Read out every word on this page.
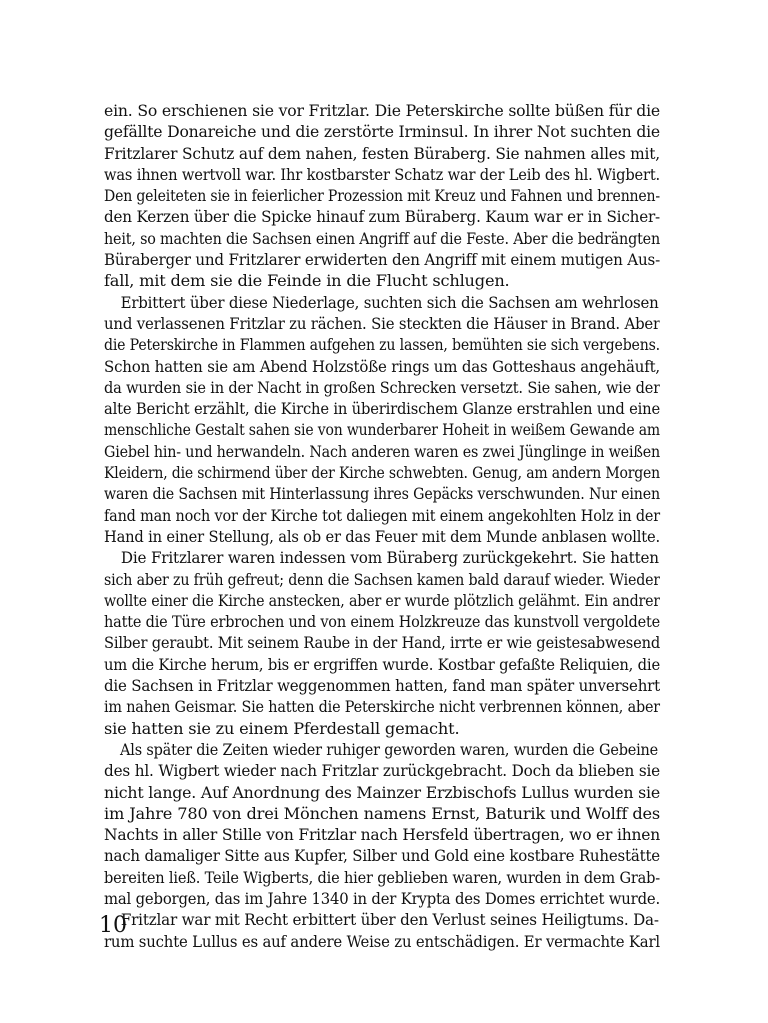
ein. So erschienen sie vor Fritzlar. Die Peterskirche sollte büßen für die
gefällte Donareiche und die zerstörte Irminsul. In ihrer Not suchten die
Fritzlarer Schutz auf dem nahen, festen Büraberg. Sie nahmen alles mit,
was ihnen wertvoll war. Ihr kostbarster Schatz war der Leib des hl. Wigbert.
Den geleiteten sie in feierlicher Prozession mit Kreuz und Fahnen und brennen-
den Kerzen über die Spicke hinauf zum Büraberg. Kaum war er in Sicher-
heit, so machten die Sachsen einen Angriff auf die Feste. Aber die bedrängten
Büraberger und Fritzlarer erwiderten den Angriff mit einem mutigen Aus-
fall, mit dem sie die Feinde in die Flucht schlugen.
Erbittert über diese Niederlage, suchten sich die Sachsen am wehrlosen
und verlassenen Fritzlar zu rächen. Sie steckten die Häuser in Brand. Aber
die Peterskirche in Flammen aufgehen zu lassen, bemühten sie sich vergebens.
Schon hatten sie am Abend Holzstöße rings um das Gotteshaus angehäuft,
da wurden sie in der Nacht in großen Schrecken versetzt. Sie sahen, wie der
alte Bericht erzählt, die Kirche in überirdischem Glanze erstrahlen und eine
menschliche Gestalt sahen sie von wunderbarer Hoheit in weißem Gewande am
Giebel hin- und herwandeln. Nach anderen waren es zwei Jünglinge in weißen
Kleidern, die schirmend über der Kirche schwebten. Genug, am andern Morgen
waren die Sachsen mit Hinterlassung ihres Gepäcks verschwunden. Nur einen
fand man noch vor der Kirche tot daliegen mit einem angekohlten Holz in der
Hand in einer Stellung, als ob er das Feuer mit dem Munde anblasen wollte.
Die Fritzlarer waren indessen vom Büraberg zurückgekehrt. Sie hatten
sich aber zu früh gefreut; denn die Sachsen kamen bald darauf wieder. Wieder
wollte einer die Kirche anstecken, aber er wurde plötzlich gelähmt. Ein andrer
hatte die Türe erbrochen und von einem Holzkreuze das kunstvoll vergoldete
Silber geraubt. Mit seinem Raube in der Hand, irrte er wie geistesabwesend
um die Kirche herum, bis er ergriffen wurde. Kostbar gefaßte Reliquien, die
die Sachsen in Fritzlar weggenommen hatten, fand man später unversehrt
im nahen Geismar. Sie hatten die Peterskirche nicht verbrennen können, aber
sie hatten sie zu einem Pferdestall gemacht.
Als später die Zeiten wieder ruhiger geworden waren, wurden die Gebeine
des hl. Wigbert wieder nach Fritzlar zurückgebracht. Doch da blieben sie
nicht lange. Auf Anordnung des Mainzer Erzbischofs Lullus wurden sie
im Jahre 780 von drei Mönchen namens Ernst, Baturik und Wolff des
Nachts in aller Stille von Fritzlar nach Hersfeld übertragen, wo er ihnen
nach damaliger Sitte aus Kupfer, Silber und Gold eine kostbare Ruhestätte
bereiten ließ. Teile Wigberts, die hier geblieben waren, wurden in dem Grab-
mal geborgen, das im Jahre 1340 in der Krypta des Domes errichtet wurde.
Fritzlar war mit Recht erbittert über den Verlust seines Heiligtums. Da-
rum suchte Lullus es auf andere Weise zu entschädigen. Er vermachte Karl
10
